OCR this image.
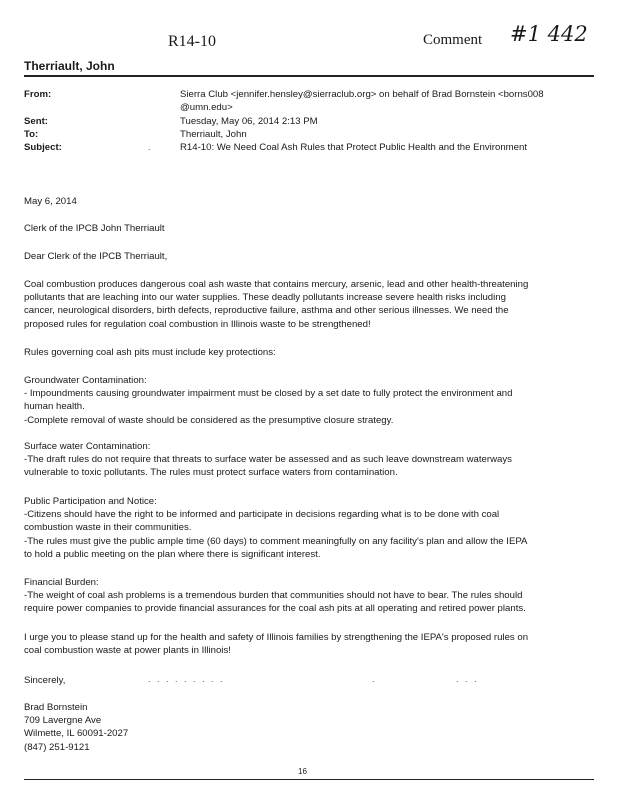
R14-10	Comment #1 442
Therriault, John
From:	Sierra Club <jennifer.hensley@sierraclub.org> on behalf of Brad Bornstein <borns008
@umn.edu>
Sent:	Tuesday, May 06, 2014 2:13 PM
To:	Therriault, John
Subject:	R14-10: We Need Coal Ash Rules that Protect Public Health and the Environment
.
May 6, 2014
Clerk of the IPCB John Therriault
Dear Clerk of the IPCB Therriault,
Coal combustion produces dangerous coal ash waste that contains mercury, arsenic, lead and other health-threatening
pollutants that are leaching into our water supplies. These deadly pollutants increase severe health risks including
cancer, neurological disorders, birth defects, reproductive failure, asthma and other serious illnesses. We need the
proposed rules for regulation coal combustion in Illinois waste to be strengthened!
Rules governing coal ash pits must include key protections:
Groundwater Contamination:
- Impoundments causing groundwater impairment must be closed by a set date to fully protect the environment and
human health.
-Complete removal of waste should be considered as the presumptive closure strategy.
Surface water Contamination:
-The draft rules do not require that threats to surface water be assessed and as such leave downstream waterways
vulnerable to toxic pollutants. The rules must protect surface waters from contamination.
Public Participation and Notice:
-Citizens should have the right to be informed and participate in decisions regarding what is to be done with coal
combustion waste in their communities.
-The rules must give the public ample time (60 days) to comment meaningfully on any facility's plan and allow the IEPA
to hold a public meeting on the plan where there is significant interest.
Financial Burden:
-The weight of coal ash problems is a tremendous burden that communities should not have to bear. The rules should
require power companies to provide financial assurances for the coal ash pits at all operating and retired power plants.
I urge you to please stand up for the health and safety of Illinois families by strengthening the IEPA's proposed rules on
coal combustion waste at power plants in Illinois!
Sincerely,	. . . . . . . . .	.	. . .
Brad Bornstein
709 Lavergne Ave
Wilmette, IL 60091-2027
(847) 251-9121
16
